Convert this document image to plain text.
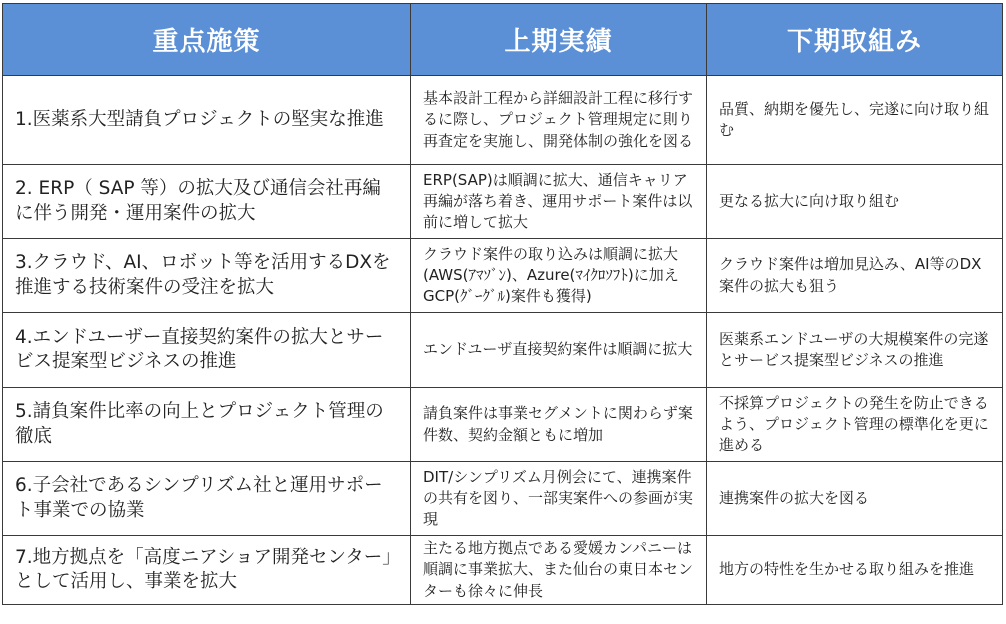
重点施策	上期実績	下期取組み
1.医薬系大型請負プロジェクトの堅実な推進	基本設計工程から詳細設計工程に移行するに際し、プロジェクト管理規定に則り再査定を実施し、開発体制の強化を図る	品質、納期を優先し、完遂に向け取り組む
2. ERP（ SAP 等）の拡大及び通信会社再編に伴う開発・運用案件の拡大	ERP(SAP)は順調に拡大、通信キャリア再編が落ち着き、運用サポート案件は以前に増して拡大	更なる拡大に向け取り組む
3.クラウド、AI、ロボット等を活用するDXを推進する技術案件の受注を拡大	クラウド案件の取り込みは順調に拡大(AWS(ｱﾏｿﾞﾝ)、Azure(ﾏｲｸﾛｿﾌﾄ)に加えGCP(ｸﾞｰｸﾞﾙ)案件も獲得)	クラウド案件は増加見込み、AI等のDX案件の拡大も狙う
4.エンドユーザー直接契約案件の拡大とサービス提案型ビジネスの推進	エンドユーザ直接契約案件は順調に拡大	医薬系エンドユーザの大規模案件の完遂とサービス提案型ビジネスの推進
5.請負案件比率の向上とプロジェクト管理の徹底	請負案件は事業セグメントに関わらず案件数、契約金額ともに増加	不採算プロジェクトの発生を防止できるよう、プロジェクト管理の標準化を更に進める
6.子会社であるシンプリズム社と運用サポート事業での協業	DIT/シンプリズム月例会にて、連携案件の共有を図り、一部実案件への参画が実現	連携案件の拡大を図る
7.地方拠点を「高度ニアショア開発センター」として活用し、事業を拡大	主たる地方拠点である愛媛カンパニーは順調に事業拡大、また仙台の東日本センターも徐々に伸長	地方の特性を生かせる取り組みを推進
